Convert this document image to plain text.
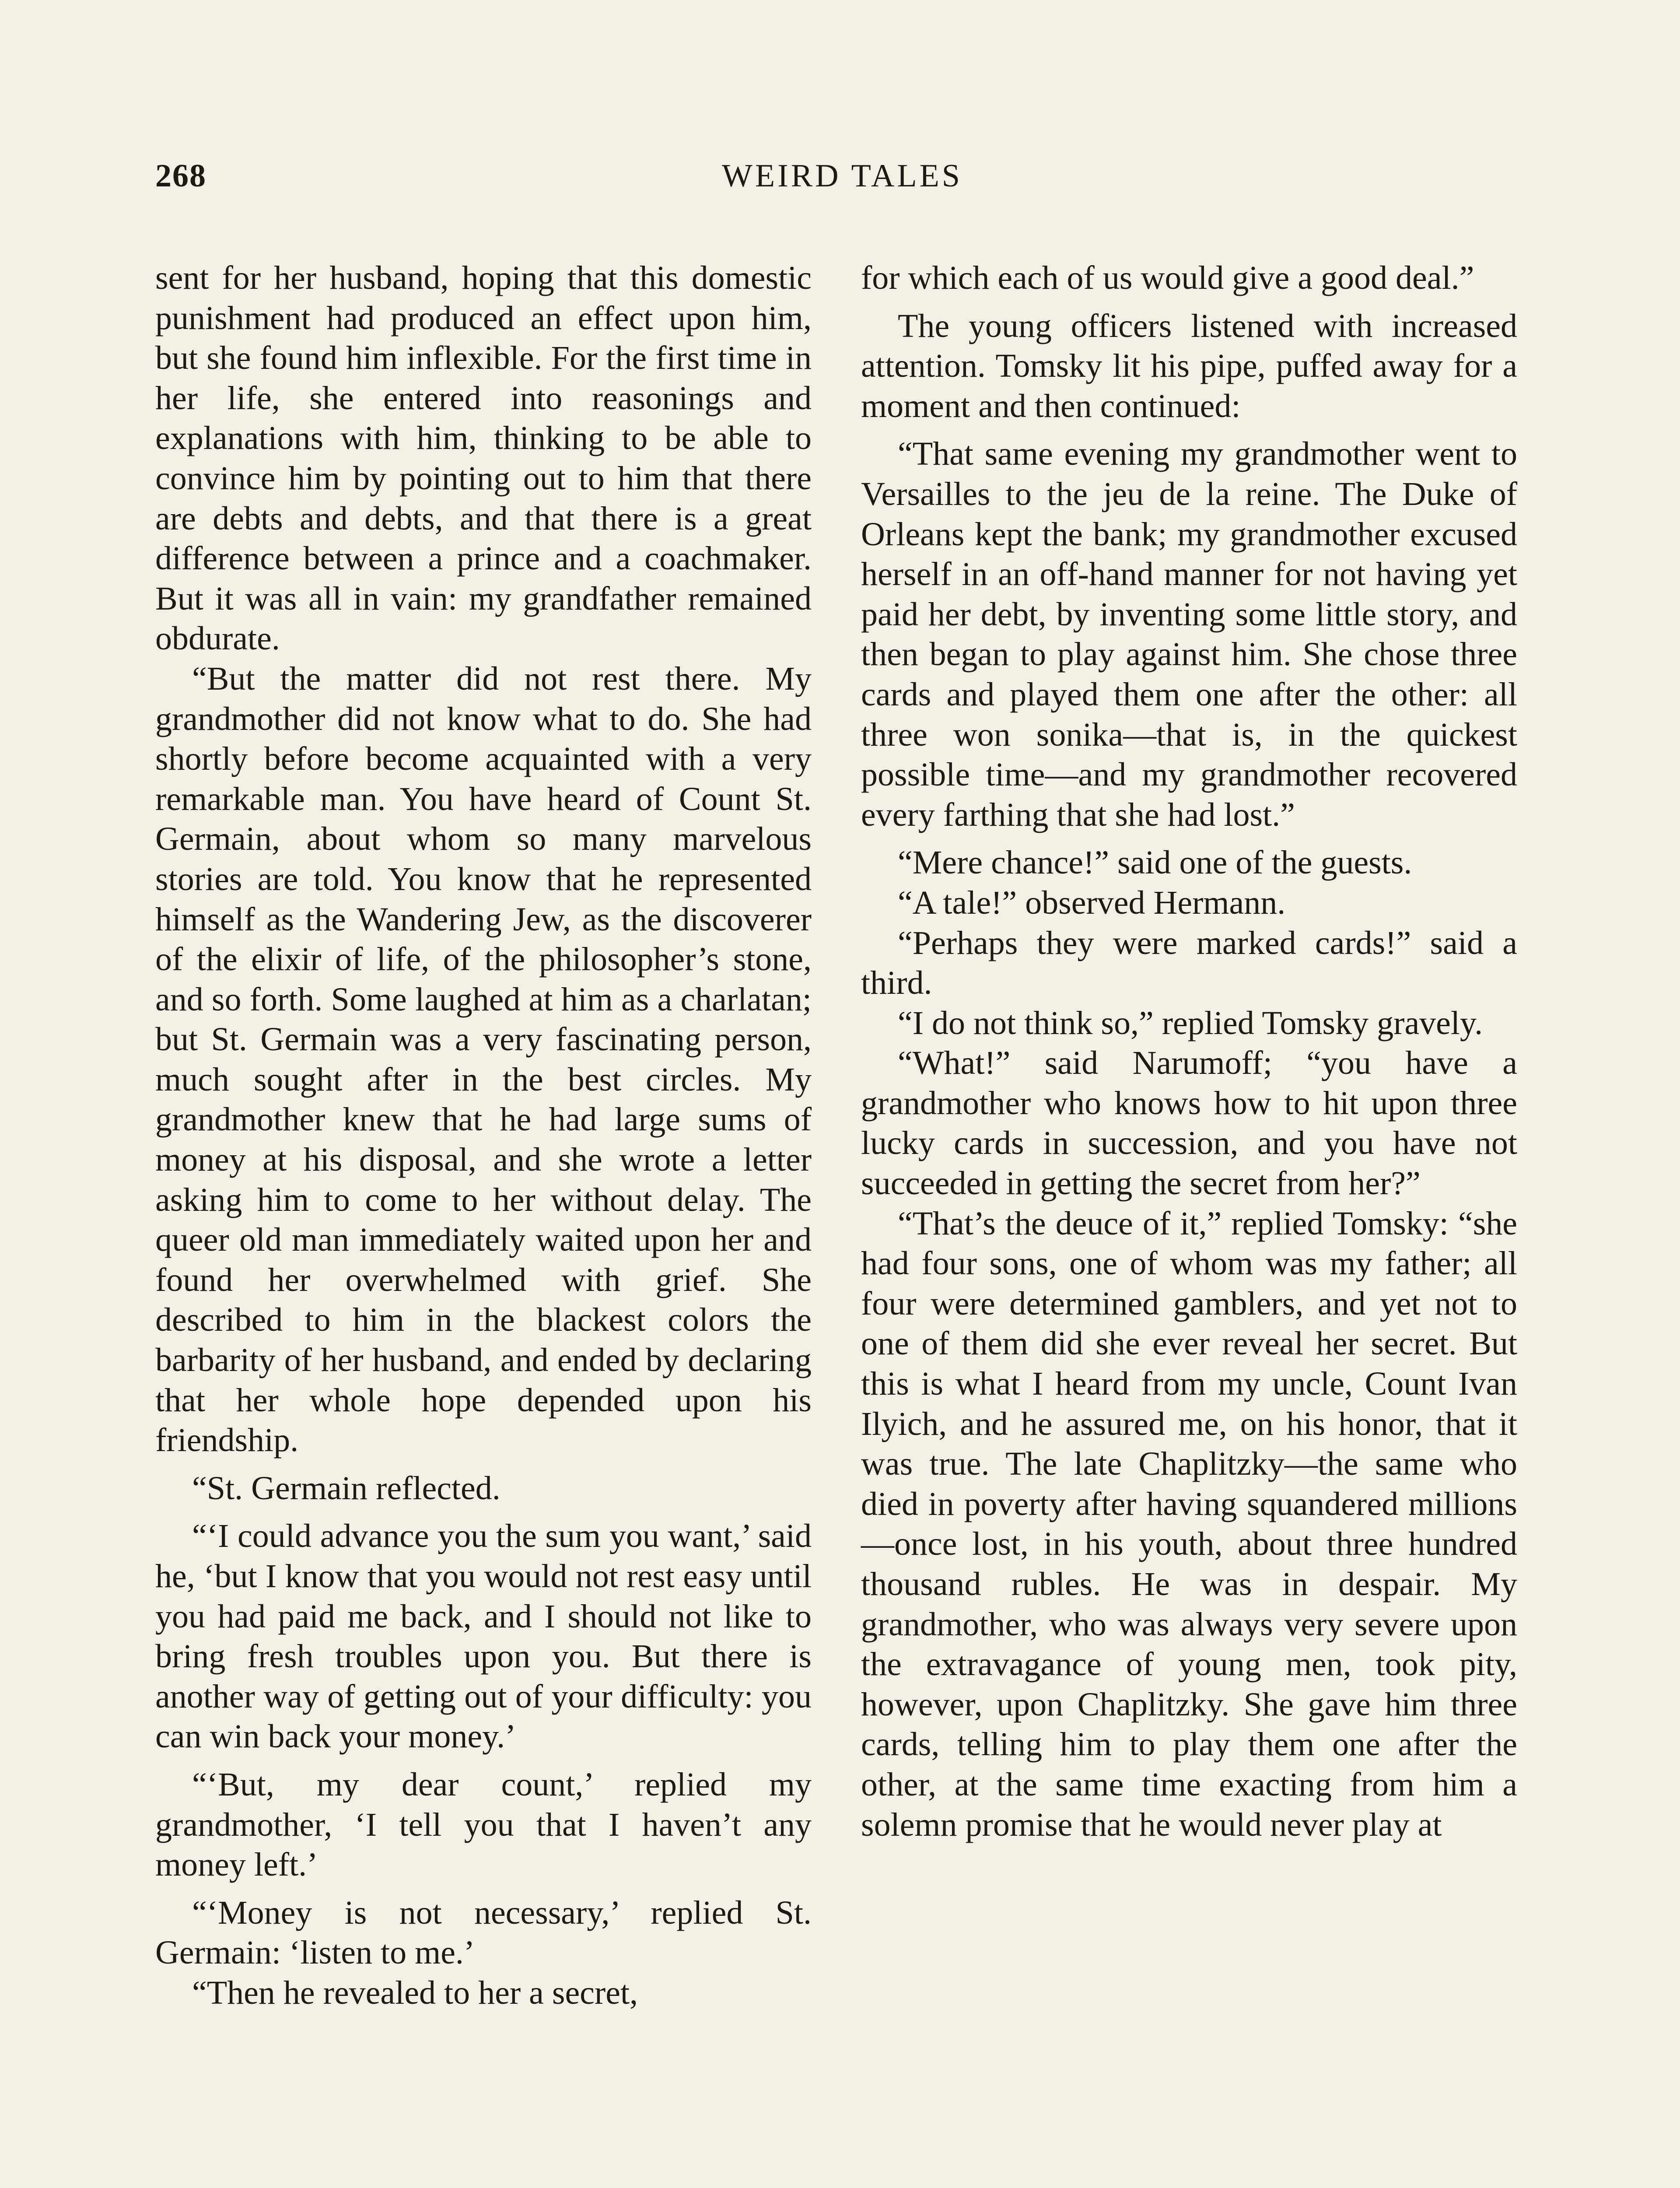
268	WEIRD TALES

sent for her husband, hoping that this domestic punishment had produced an effect upon him, but she found him inflexible. For the first time in her life, she entered into reasonings and explanations with him, thinking to be able to convince him by pointing out to him that there are debts and debts, and that there is a great difference between a prince and a coachmaker. But it was all in vain: my grandfather remained obdurate.

“But the matter did not rest there. My grandmother did not know what to do. She had shortly before become acquainted with a very remarkable man. You have heard of Count St. Germain, about whom so many marvelous stories are told. You know that he represented himself as the Wandering Jew, as the discoverer of the elixir of life, of the philosopher’s stone, and so forth. Some laughed at him as a charlatan; but St. Germain was a very fascinating person, much sought after in the best circles. My grandmother knew that he had large sums of money at his disposal, and she wrote a letter asking him to come to her without delay. The queer old man immediately waited upon her and found her overwhelmed with grief. She described to him in the blackest colors the barbarity of her husband, and ended by declaring that her whole hope depended upon his friendship.

“St. Germain reflected.

“‘I could advance you the sum you want,’ said he, ‘but I know that you would not rest easy until you had paid me back, and I should not like to bring fresh troubles upon you. But there is another way of getting out of your difficulty: you can win back your money.’

“‘But, my dear count,’ replied my grandmother, ‘I tell you that I haven’t any money left.’

“‘Money is not necessary,’ replied St. Germain: ‘listen to me.’

“Then he revealed to her a secret,

for which each of us would give a good deal.”

The young officers listened with increased attention. Tomsky lit his pipe, puffed away for a moment and then continued:

“That same evening my grandmother went to Versailles to the jeu de la reine. The Duke of Orleans kept the bank; my grandmother excused herself in an off-hand manner for not having yet paid her debt, by inventing some little story, and then began to play against him. She chose three cards and played them one after the other: all three won sonika—that is, in the quickest possible time—and my grandmother recovered every farthing that she had lost.”

“Mere chance!” said one of the guests.

“A tale!” observed Hermann.

“Perhaps they were marked cards!” said a third.

“I do not think so,” replied Tomsky gravely.

“What!” said Narumoff; “you have a grandmother who knows how to hit upon three lucky cards in succession, and you have not succeeded in getting the secret from her?”

“That’s the deuce of it,” replied Tomsky: “she had four sons, one of whom was my father; all four were determined gamblers, and yet not to one of them did she ever reveal her secret. But this is what I heard from my uncle, Count Ivan Ilyich, and he assured me, on his honor, that it was true. The late Chaplitzky—the same who died in poverty after having squandered millions—once lost, in his youth, about three hundred thousand rubles. He was in despair. My grandmother, who was always very severe upon the extravagance of young men, took pity, however, upon Chaplitzky. She gave him three cards, telling him to play them one after the other, at the same time exacting from him a solemn promise that he would never play at
